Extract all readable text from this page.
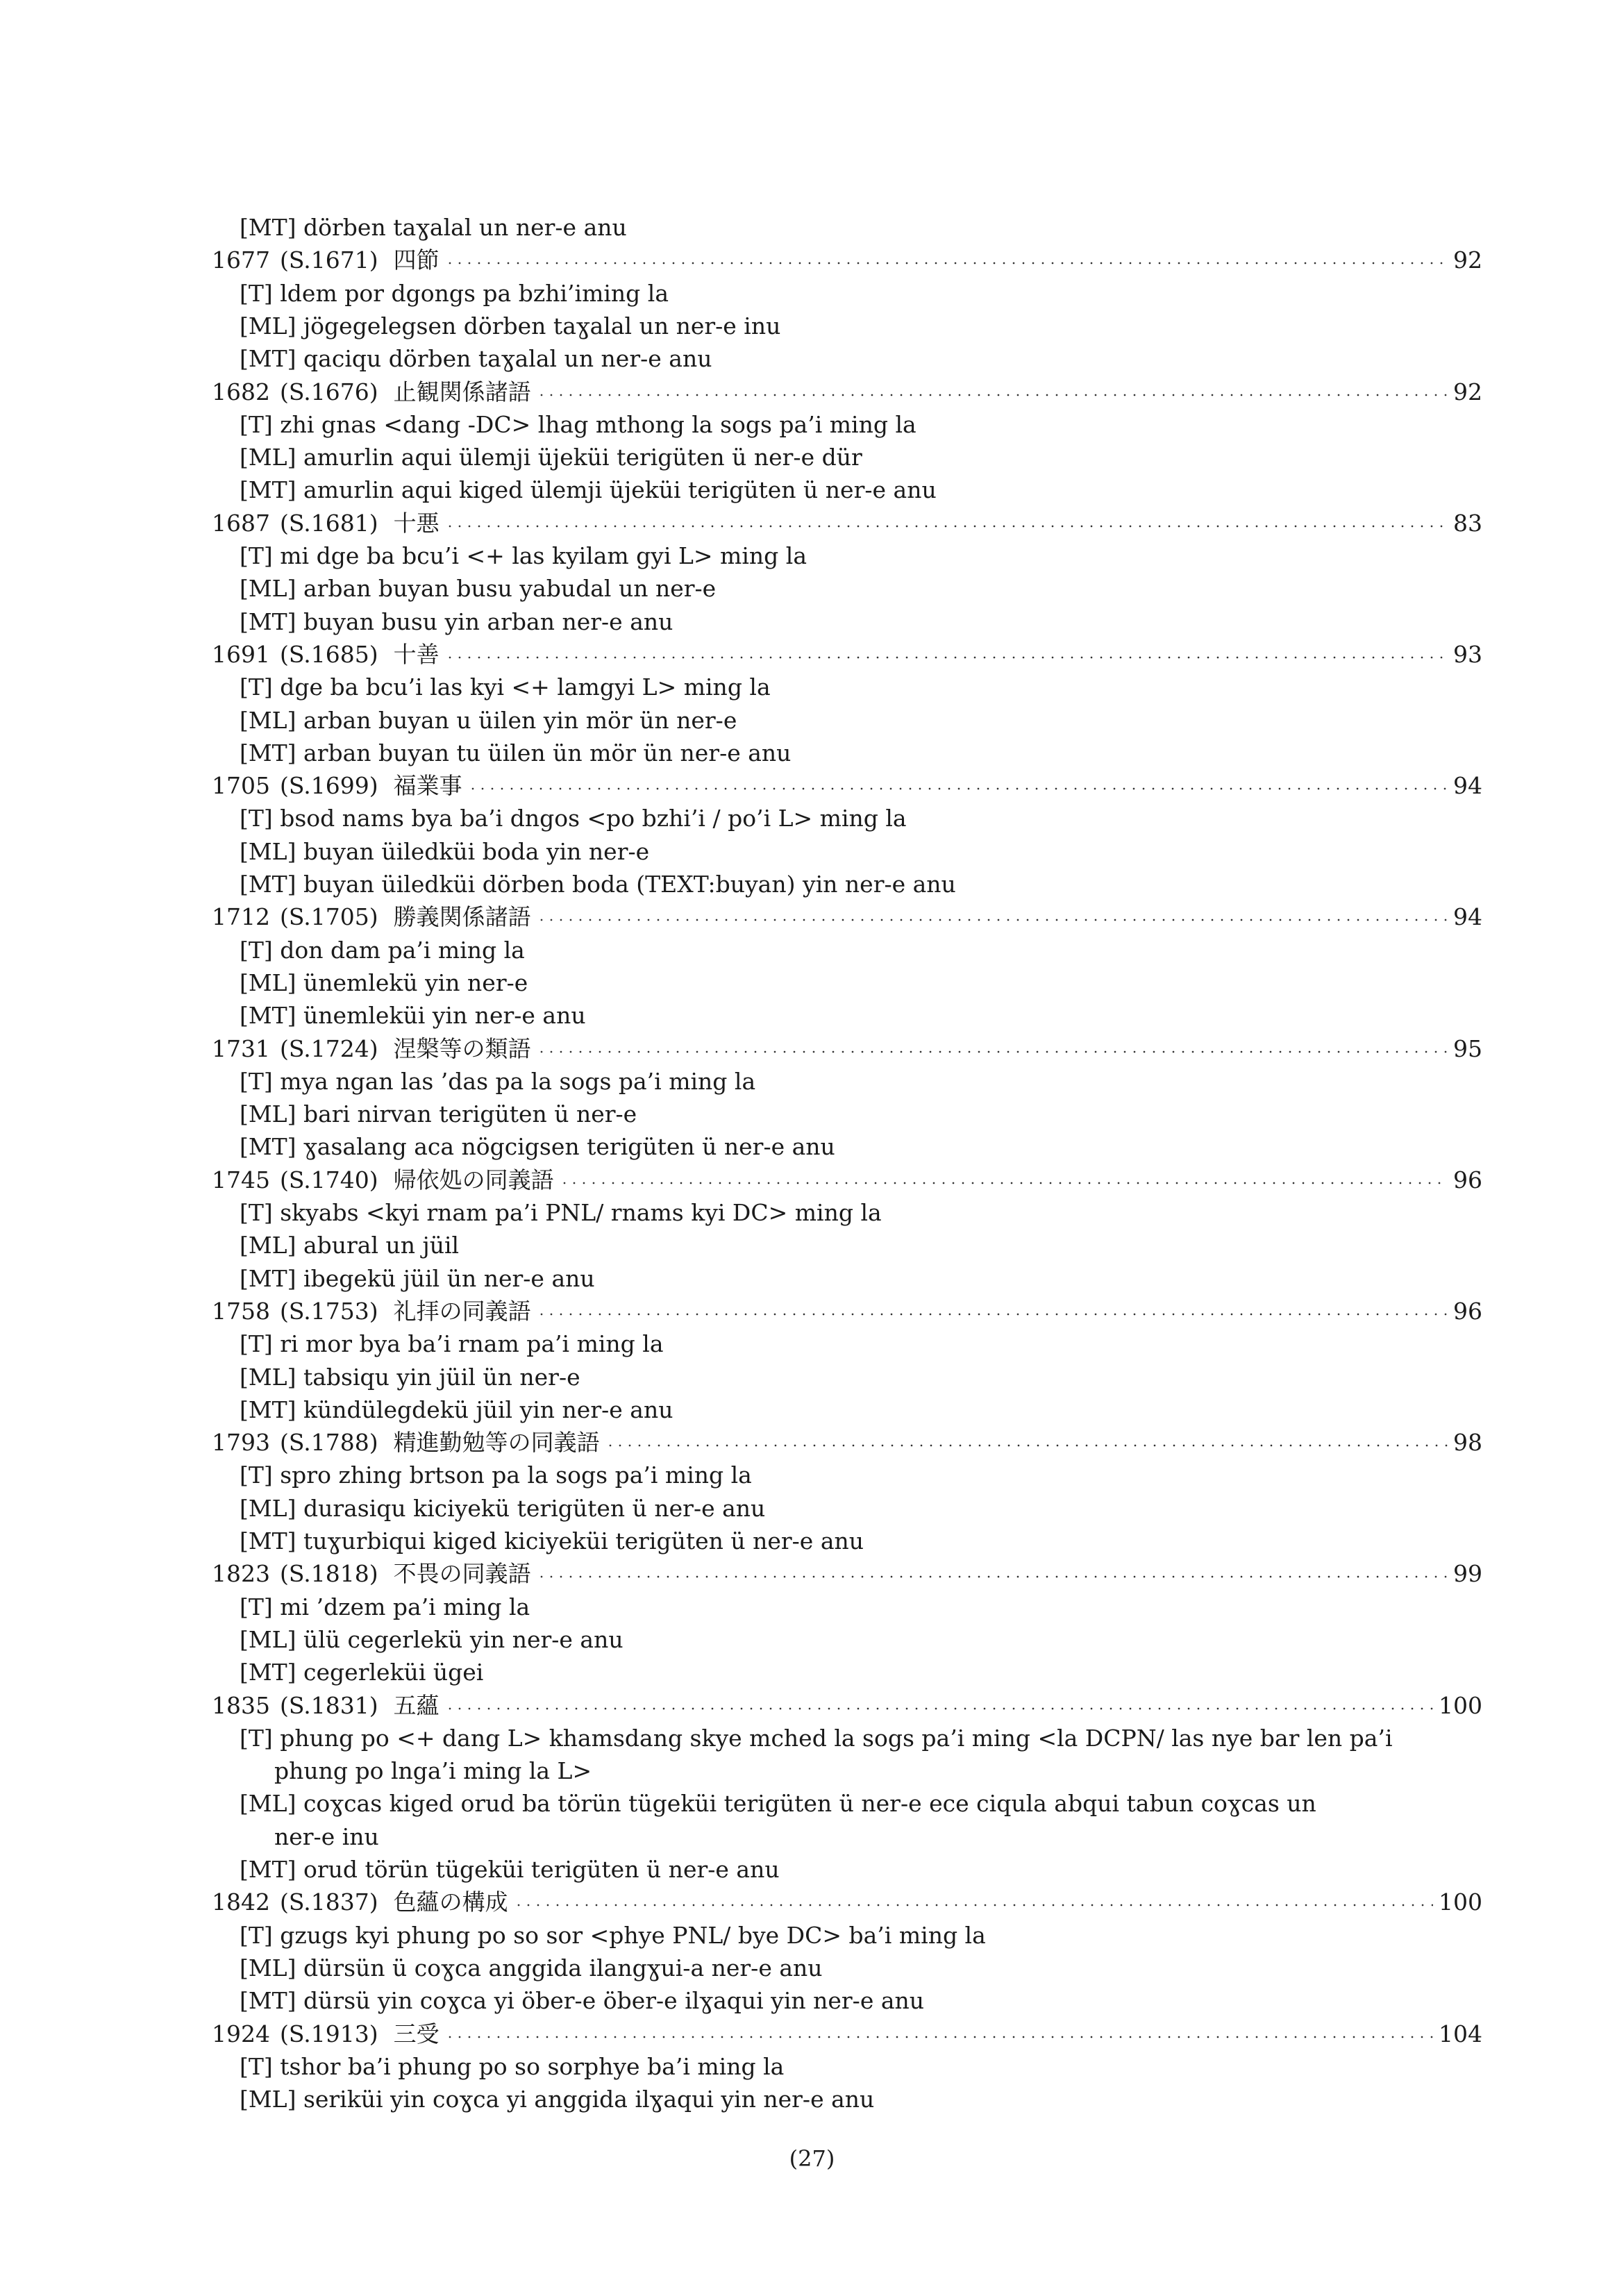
[MT] dörben taɣalal un ner-e anu
1677 (S.1671) 四節	92
[T] ldem por dgongs pa bzhi’iming la
[ML] jögegelegsen dörben taɣalal un ner-e inu
[MT] qaciqu dörben taɣalal un ner-e anu
1682 (S.1676) 止観関係諸語	92
[T] zhi gnas <dang -DC> lhag mthong la sogs pa’i ming la
[ML] amurlin aqui ülemji üjeküi terigüten ü ner-e dür
[MT] amurlin aqui kiged ülemji üjeküi terigüten ü ner-e anu
1687 (S.1681) 十悪	83
[T] mi dge ba bcu’i <+ las kyilam gyi L> ming la
[ML] arban buyan busu yabudal un ner-e
[MT] buyan busu yin arban ner-e anu
1691 (S.1685) 十善	93
[T] dge ba bcu’i las kyi <+ lamgyi L> ming la
[ML] arban buyan u üilen yin mör ün ner-e
[MT] arban buyan tu üilen ün mör ün ner-e anu
1705 (S.1699) 福業事	94
[T] bsod nams bya ba’i dngos <po bzhi’i / po’i L> ming la
[ML] buyan üiledküi boda yin ner-e
[MT] buyan üiledküi dörben boda (TEXT:buyan) yin ner-e anu
1712 (S.1705) 勝義関係諸語	94
[T] don dam pa’i ming la
[ML] ünemlekü yin ner-e
[MT] ünemleküi yin ner-e anu
1731 (S.1724) 涅槃等の類語	95
[T] mya ngan las ’das pa la sogs pa’i ming la
[ML] bari nirvan terigüten ü ner-e
[MT] ɣasalang aca nögcigsen terigüten ü ner-e anu
1745 (S.1740) 帰依処の同義語	96
[T] skyabs <kyi rnam pa’i PNL/ rnams kyi DC> ming la
[ML] abural un jüil
[MT] ibegekü jüil ün ner-e anu
1758 (S.1753) 礼拝の同義語	96
[T] ri mor bya ba’i rnam pa’i ming la
[ML] tabsiqu yin jüil ün ner-e
[MT] kündülegdekü jüil yin ner-e anu
1793 (S.1788) 精進勤勉等の同義語	98
[T] spro zhing brtson pa la sogs pa’i ming la
[ML] durasiqu kiciyekü terigüten ü ner-e anu
[MT] tuɣurbiqui kiged kiciyeküi terigüten ü ner-e anu
1823 (S.1818) 不畏の同義語	99
[T] mi ’dzem pa’i ming la
[ML] ülü cegerlekü yin ner-e anu
[MT] cegerleküi ügei
1835 (S.1831) 五蘊	100
[T] phung po <+ dang L> khamsdang skye mched la sogs pa’i ming <la DCPN/ las nye bar len pa’i
phung po lnga’i ming la L>
[ML] coɣcas kiged orud ba törün tügeküi terigüten ü ner-e ece ciqula abqui tabun coɣcas un
ner-e inu
[MT] orud törün tügeküi terigüten ü ner-e anu
1842 (S.1837) 色蘊の構成	100
[T] gzugs kyi phung po so sor <phye PNL/ bye DC> ba’i ming la
[ML] dürsün ü coɣca anggida ilangɣui-a ner-e anu
[MT] dürsü yin coɣca yi öber-e öber-e ilɣaqui yin ner-e anu
1924 (S.1913) 三受	104
[T] tshor ba’i phung po so sorphye ba’i ming la
[ML] seriküi yin coɣca yi anggida ilɣaqui yin ner-e anu
(27)
